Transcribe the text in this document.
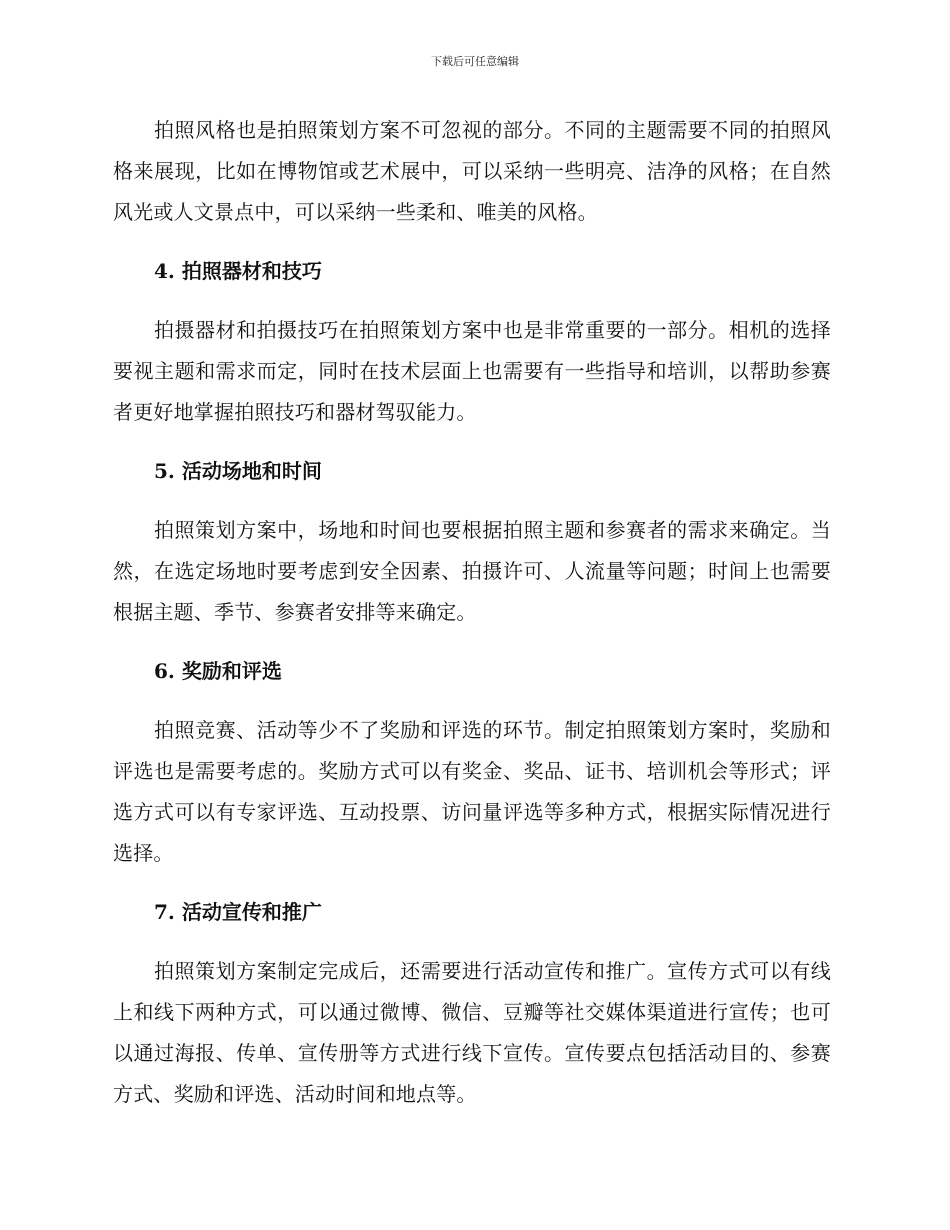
下载后可任意编辑

拍照风格也是拍照策划方案不可忽视的部分。不同的主题需要不同的拍照风格来展现，比如在博物馆或艺术展中，可以采纳一些明亮、洁净的风格；在自然风光或人文景点中，可以采纳一些柔和、唯美的风格。

4. 拍照器材和技巧

拍摄器材和拍摄技巧在拍照策划方案中也是非常重要的一部分。相机的选择要视主题和需求而定，同时在技术层面上也需要有一些指导和培训，以帮助参赛者更好地掌握拍照技巧和器材驾驭能力。

5. 活动场地和时间

拍照策划方案中，场地和时间也要根据拍照主题和参赛者的需求来确定。当然，在选定场地时要考虑到安全因素、拍摄许可、人流量等问题；时间上也需要根据主题、季节、参赛者安排等来确定。

6. 奖励和评选

拍照竞赛、活动等少不了奖励和评选的环节。制定拍照策划方案时，奖励和评选也是需要考虑的。奖励方式可以有奖金、奖品、证书、培训机会等形式；评选方式可以有专家评选、互动投票、访问量评选等多种方式，根据实际情况进行选择。

7. 活动宣传和推广

拍照策划方案制定完成后，还需要进行活动宣传和推广。宣传方式可以有线上和线下两种方式，可以通过微博、微信、豆瓣等社交媒体渠道进行宣传；也可以通过海报、传单、宣传册等方式进行线下宣传。宣传要点包括活动目的、参赛方式、奖励和评选、活动时间和地点等。
